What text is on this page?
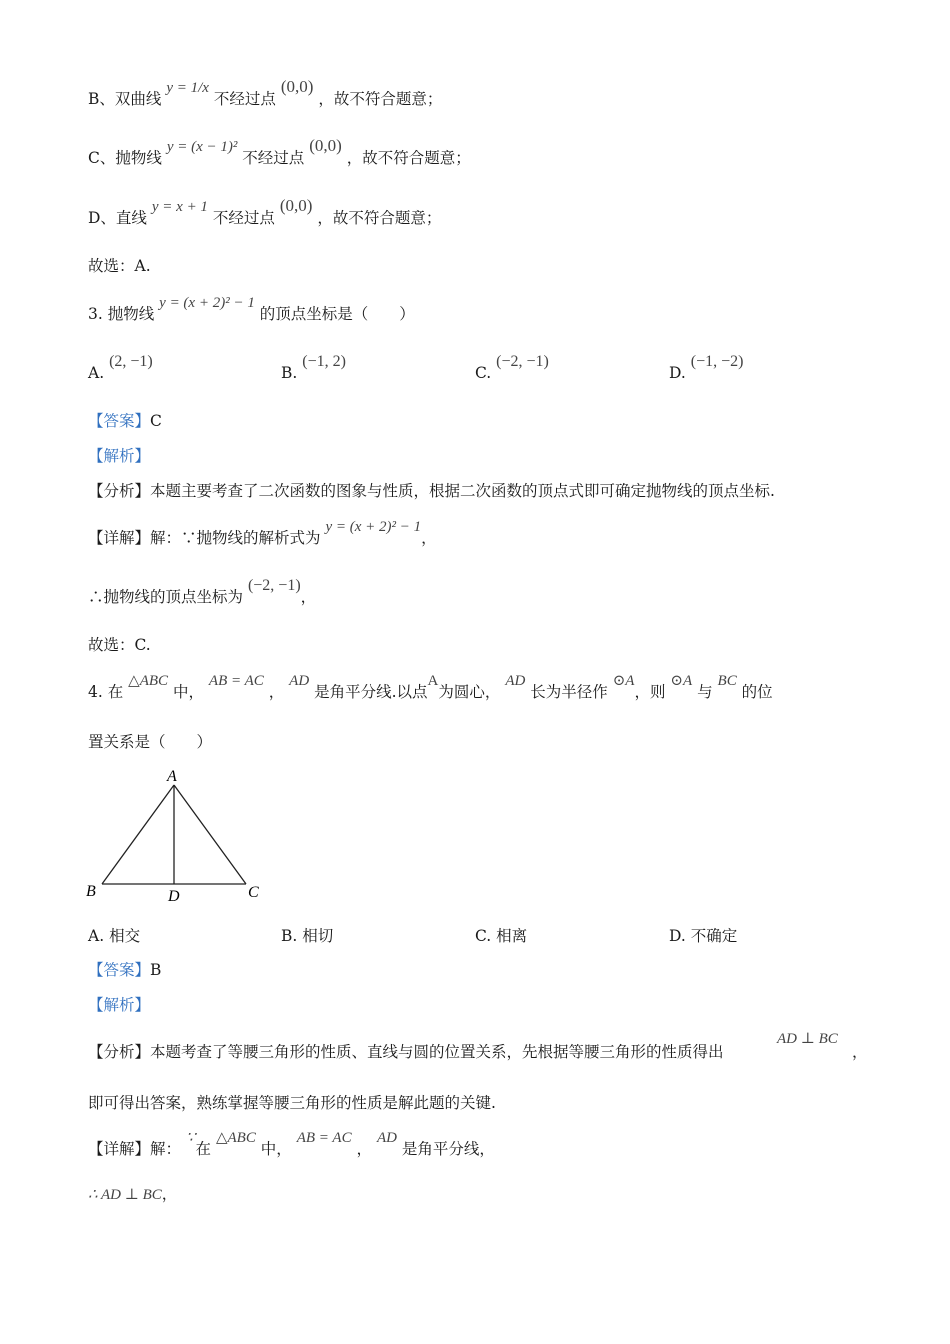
B、双曲线 y = 1/x 不经过点 (0,0) ，故不符合题意；
C、抛物线 y = (x − 1)² 不经过点 (0,0) ，故不符合题意；
D、直线 y = x + 1 不经过点 (0,0) ，故不符合题意；
故选：A.
3. 抛物线 y = (x + 2)² − 1 的顶点坐标是（　　）
A. (2, −1)
B. (−1, 2)
C. (−2, −1)
D. (−1, −2)
【答案】C
【解析】
【分析】本题主要考查了二次函数的图象与性质，根据二次函数的顶点式即可确定抛物线的顶点坐标.
【详解】解：∵抛物线的解析式为 y = (x + 2)² − 1，
∴抛物线的顶点坐标为 (−2, −1)，
故选：C.
4. 在 △ABC 中， AB = AC ， AD 是角平分线.以点A为圆心， AD 长为半径作 ⊙A，则 ⊙A 与 BC 的位
置关系是（　　）
A
B	D	C
A. 相交	B. 相切	C. 相离	D. 不确定
【答案】B
【解析】
【分析】本题考查了等腰三角形的性质、直线与圆的位置关系，先根据等腰三角形的性质得出
AD ⊥ BC
，
即可得出答案，熟练掌握等腰三角形的性质是解此题的关键.
【详解】解： ∵在 △ABC 中， AB = AC ， AD 是角平分线，
∴ AD ⊥ BC，
